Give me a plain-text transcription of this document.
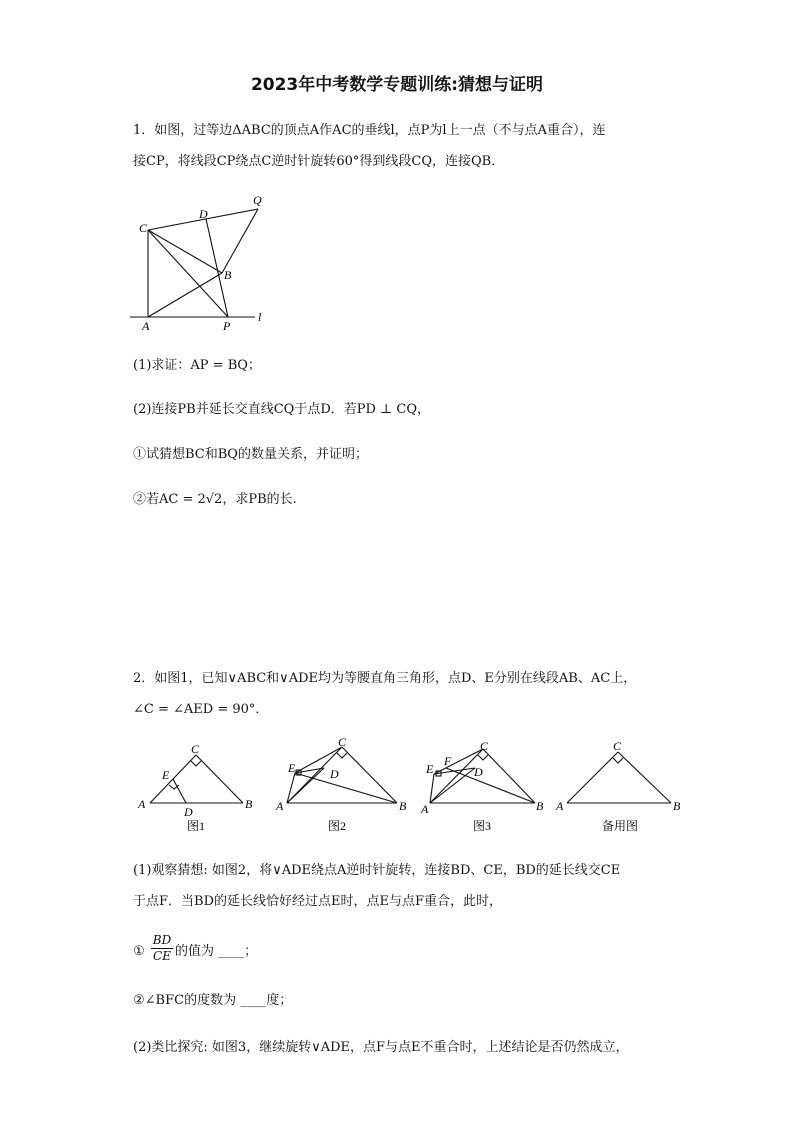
2023年中考数学专题训练:猜想与证明
1．如图，过等边ΔABC的顶点A作AC的垂线l，点P为l上一点（不与点A重合），连
接CP，将线段CP绕点C逆时针旋转60°得到线段CQ，连接QB．
C
D
Q
B
A	P
l
(1)求证：AP = BQ；
(2)连接PB并延长交直线CQ于点D．若PD ⊥ CQ，
①试猜想BC和BQ的数量关系，并证明；
②若AC = 2√2，求PB的长.
2．如图1，已知∨ABC和∨ADE均为等腰直角三角形，点D、E分别在线段AB、AC上，
∠C = ∠AED = 90°．
A	B
C
E
D	A	B
C
E	D
A	B
C
E
F
D
A	B
C
图1	图2	图3	备用图
(1)观察猜想: 如图2，将∨ADE绕点A逆时针旋转，连接BD、CE，BD的延长线交CE
于点F．当BD的延长线恰好经过点E时，点E与点F重合，此时，
① $\frac{BD}{CE}$ 的值为 ____；
②∠BFC的度数为 ____度；
(2)类比探究: 如图3，继续旋转∨ADE，点F与点E不重合时，上述结论是否仍然成立，
